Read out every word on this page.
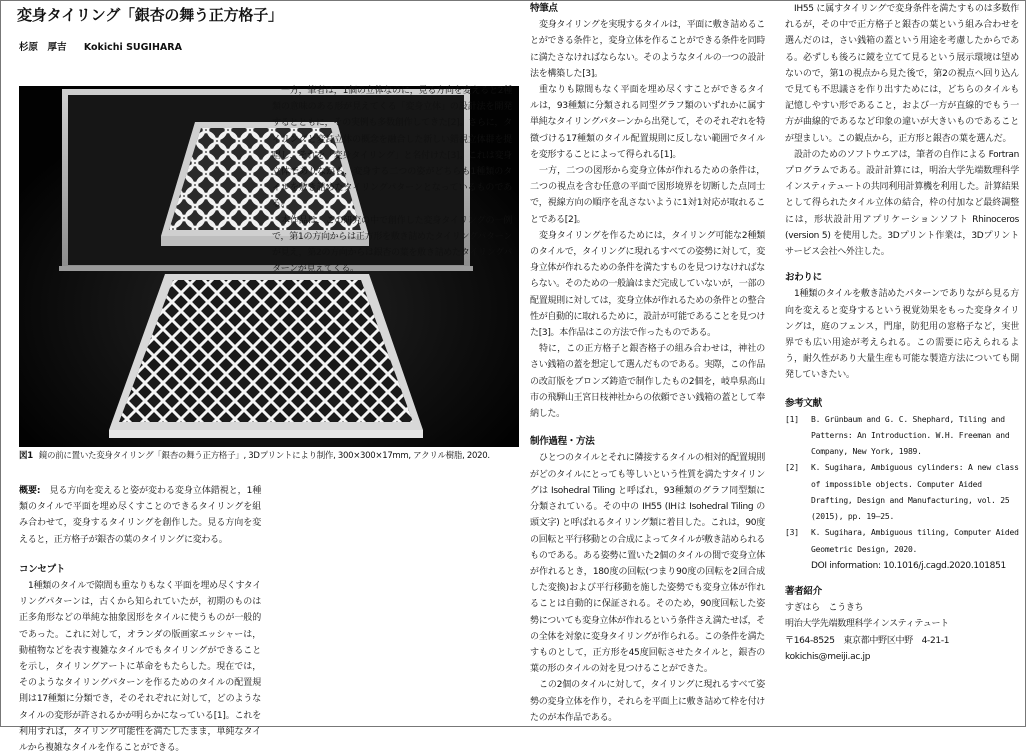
変身タイリング「銀杏の舞う正方格子」
杉原　厚吉 Kokichi SUGIHARA
図1 鏡の前に置いた変身タイリング「銀杏の舞う正方格子」, 3Dプリントにより制作, 300×300×17mm, アクリル樹脂, 2020.

概要:　 見る方向を変えると姿が変わる変身立体錯視と，1種類のタイルで平面を埋め尽くすことのできるタイリングを組み合わせて，変身するタイリングを創作した。見る方向を変えると，正方格子が銀杏の葉のタイリングに変わる。

コンセプト

1種類のタイルで隙間も重なりもなく平面を埋め尽くすタイリングパターンは，古くから知られていたが，初期のものは正多角形などの単純な抽象図形をタイルに使うものが一般的であった。これに対して，オランダの版画家エッシャーは，動植物などを表す複雑なタイルでもタイリングができることを示し，タイリングアートに革命をもたらした。現在では，そのようなタイリングパターンを作るためのタイルの配置規則は17種類に分類でき，そのそれぞれに対して，どのようなタイルの変形が許されるかが明らかになっている[1]。これを利用すれば，タイリング可能性を満たしたまま，単純なタイルから複雑なタイルを作ることができる。

一方，筆者は，1個の立体なのに，見る方向を変えると2種類の意味のある形が見えてくる「変身立体」の設計法を開発するとともに，その実例も多数創作してきた[2]。さらに，タイリングと変身立体の概念を融合した新しい錯視立体群を提唱し，それを「変身タイリング」と名付けた[3]。これは変身立体でありながら，変身する二つの姿がどちらも1種類のタイルを敷き詰めたタイリングパターンとなっているものである。

本作品は，この研究の中で創作した変身タイリングの一例で，第1の方向からは正方形を敷き詰めたタイリングパターンが見え，第2の方向からは銀杏の葉を敷き詰めたタイリングパターンが見えてくる。

特筆点

変身タイリングを実現するタイルは，平面に敷き詰めることができる条件と，変身立体を作ることができる条件を同時に満たさなければならない。そのようなタイルの一つの設計法を構築した[3]。

重なりも隙間もなく平面を埋め尽くすことができるタイルは，93種類に分類される同型グラフ類のいずれかに属す単純なタイリングパターンから出発して，そのそれぞれを特徴づける17種類のタイル配置規則に反しない範囲でタイルを変形することによって得られる[1]。

一方，二つの図形から変身立体が作れるための条件は，二つの視点を含む任意の平面で図形境界を切断した点同士で，視線方向の順序を乱さないように1対1対応が取れることである[2]。

変身タイリングを作るためには，タイリング可能な2種類のタイルで，タイリングに現れるすべての姿勢に対して，変身立体が作れるための条件を満たすものを見つけなければならない。そのための一般論はまだ完成していないが，一部の配置規則に対しては，変身立体が作れるための条件との整合性が自動的に取れるために，設計が可能であることを見つけた[3]。本作品はこの方法で作ったものである。

特に，この正方格子と銀杏格子の組み合わせは，神社のさい銭箱の蓋を想定して選んだものである。実際，この作品の改訂版をブロンズ鋳造で制作したもの2個を，岐阜県高山市の飛騨山王宮日枝神社からの依頼でさい銭箱の蓋として奉納した。

制作過程・方法

ひとつのタイルとそれに隣接するタイルの相対的配置規則がどのタイルにとっても等しいという性質を満たすタイリングは Isohedral Tiling と呼ばれ，93種類のグラフ同型類に分類されている。その中の IH55 (IHは Isohedral Tiling の頭文字) と呼ばれるタイリング類に着目した。これは，90度の回転と平行移動との合成によってタイルが敷き詰められるものである。ある姿勢に置いた2個のタイルの間で変身立体が作れるとき，180度の回転(つまり90度の回転を2回合成した変換)および平行移動を施した姿勢でも変身立体が作れることは自動的に保証される。そのため，90度回転した姿勢についても変身立体が作れるという条件さえ満たせば，その全体を対象に変身タイリングが作られる。この条件を満たすものとして，正方形を45度回転させたタイルと，銀杏の葉の形のタイルの対を見つけることができた。

この2個のタイルに対して，タイリングに現れるすべて姿勢の変身立体を作り，それらを平面上に敷き詰めて枠を付けたのが本作品である。

IH55 に属すタイリングで変身条件を満たすものは多数作れるが，その中で正方格子と銀杏の葉という組み合わせを選んだのは，さい銭箱の蓋という用途を考慮したからである。必ずしも後ろに鏡を立てて見るという展示環境は望めないので，第1の視点から見た後で，第2の視点へ回り込んで見ても不思議さを作り出すためには，どちらのタイルも記憶しやすい形であること，および一方が直線的でもう一方が曲線的であるなど印象の違いが大きいものであることが望ましい。この観点から，正方形と銀杏の葉を選んだ。

設計のためのソフトウエアは，筆者の自作による Fortran プログラムである。設計計算には，明治大学先端数理科学インスティテュートの共同利用計算機を利用した。計算結果として得られたタイル立体の結合，枠の付加など最終調整には，形状設計用アプリケーションソフト Rhinoceros (version 5) を使用した。3Dプリント作業は，3Dプリントサービス会社へ外注した。

おわりに

1種類のタイルを敷き詰めたパターンでありながら見る方向を変えると変身するという視覚効果をもった変身タイリングは，庭のフェンス，門扉，防犯用の窓格子など，実世界でも広い用途が考えられる。この需要に応えられるよう，耐久性があり大量生産も可能な製造方法についても開発していきたい。

参考文献

[1]	B. Grünbaum and G. C. Shephard, Tiling and Patterns: An Introduction. W.H. Freeman and Company, New York, 1989.
[2]	K. Sugihara, Ambiguous cylinders: A new class of impossible objects. Computer Aided Drafting, Design and Manufacturing, vol. 25 (2015), pp. 19–25.
[3]	K. Sugihara, Ambiguous tiling, Computer Aided Geometric Design, 2020.

DOI information: 10.1016/j.cagd.2020.101851

著者紹介

すぎはら　こうきち

明治大学先端数理科学インスティテュート

〒164-8525　東京都中野区中野　4-21-1

kokichis@meiji.ac.jp
